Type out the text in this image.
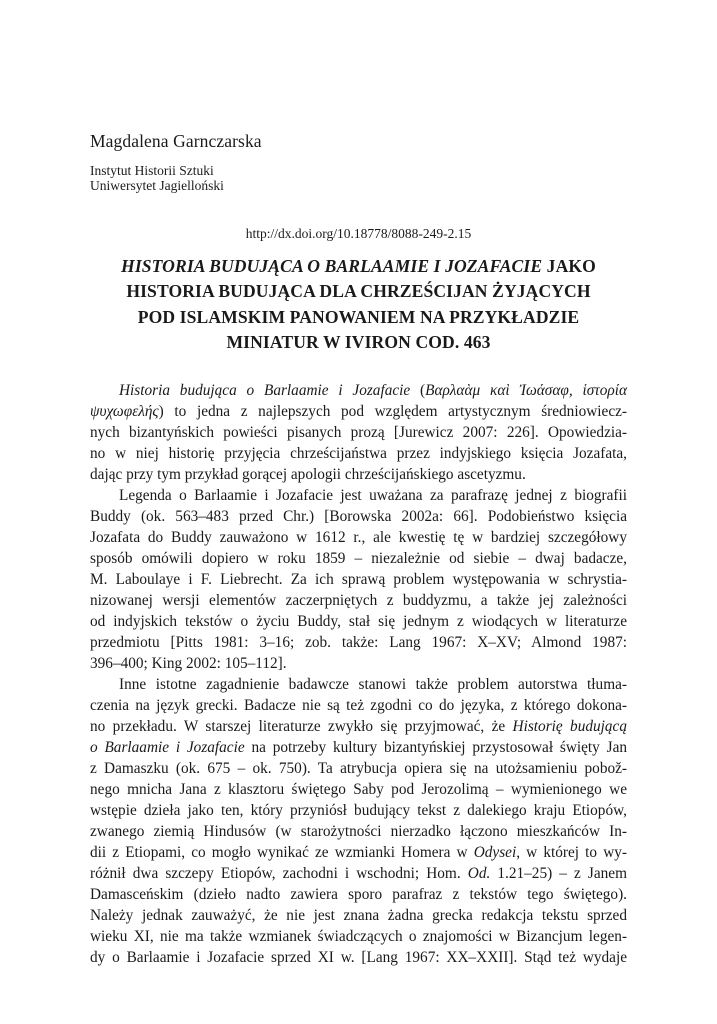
Magdalena Garnczarska
Instytut Historii Sztuki
Uniwersytet Jagielloński
http://dx.doi.org/10.18778/8088-249-2.15
HISTORIA BUDUJĄCA O BARLAAMIE I JOZAFACIE JAKO
HISTORIA BUDUJĄCA DLA CHRZEŚCIJAN ŻYJĄCYCH
POD ISLAMSKIM PANOWANIEM NA PRZYKŁADZIE
MINIATUR W IVIRON COD. 463
Historia budująca o Barlaamie i Jozafacie (Βαρλαὰμ καὶ Ἰωάσαφ, ἱστορία
ψυχωφελής) to jedna z najlepszych pod względem artystycznym średniowiecz-
nych bizantyńskich powieści pisanych prozą [Jurewicz 2007: 226]. Opowiedzia-
no w niej historię przyjęcia chrześcijaństwa przez indyjskiego księcia Jozafata,
dając przy tym przykład gorącej apologii chrześcijańskiego ascetyzmu.
Legenda o Barlaamie i Jozafacie jest uważana za parafrazę jednej z biografii
Buddy (ok. 563–483 przed Chr.) [Borowska 2002a: 66]. Podobieństwo księcia
Jozafata do Buddy zauważono w 1612 r., ale kwestię tę w bardziej szczegółowy
sposób omówili dopiero w roku 1859 – niezależnie od siebie – dwaj badacze,
M. Laboulaye i F. Liebrecht. Za ich sprawą problem występowania w schrystia-
nizowanej wersji elementów zaczerpniętych z buddyzmu, a także jej zależności
od indyjskich tekstów o życiu Buddy, stał się jednym z wiodących w literaturze
przedmiotu [Pitts 1981: 3–16; zob. także: Lang 1967: X–XV; Almond 1987:
396–400; King 2002: 105–112].
Inne istotne zagadnienie badawcze stanowi także problem autorstwa tłuma-
czenia na język grecki. Badacze nie są też zgodni co do języka, z którego dokona-
no przekładu. W starszej literaturze zwykło się przyjmować, że Historię budującą
o Barlaamie i Jozafacie na potrzeby kultury bizantyńskiej przystosował święty Jan
z Damaszku (ok. 675 – ok. 750). Ta atrybucja opiera się na utożsamieniu pobož-
nego mnicha Jana z klasztoru świętego Saby pod Jerozolimą – wymienionego we
wstępie dzieła jako ten, który przyniósł budujący tekst z dalekiego kraju Etiopów,
zwanego ziemią Hindusów (w starożytności nierzadko łączono mieszkańców In-
dii z Etiopami, co mogło wynikać ze wzmianki Homera w Odysei, w której to wy-
różnił dwa szczepy Etiopów, zachodni i wschodni; Hom. Od. 1.21–25) – z Janem
Damasceńskim (dzieło nadto zawiera sporo parafraz z tekstów tego świętego).
Należy jednak zauważyć, że nie jest znana żadna grecka redakcja tekstu sprzed
wieku XI, nie ma także wzmianek świadczących o znajomości w Bizancjum legen-
dy o Barlaamie i Jozafacie sprzed XI w. [Lang 1967: XX–XXII]. Stąd też wydaje
